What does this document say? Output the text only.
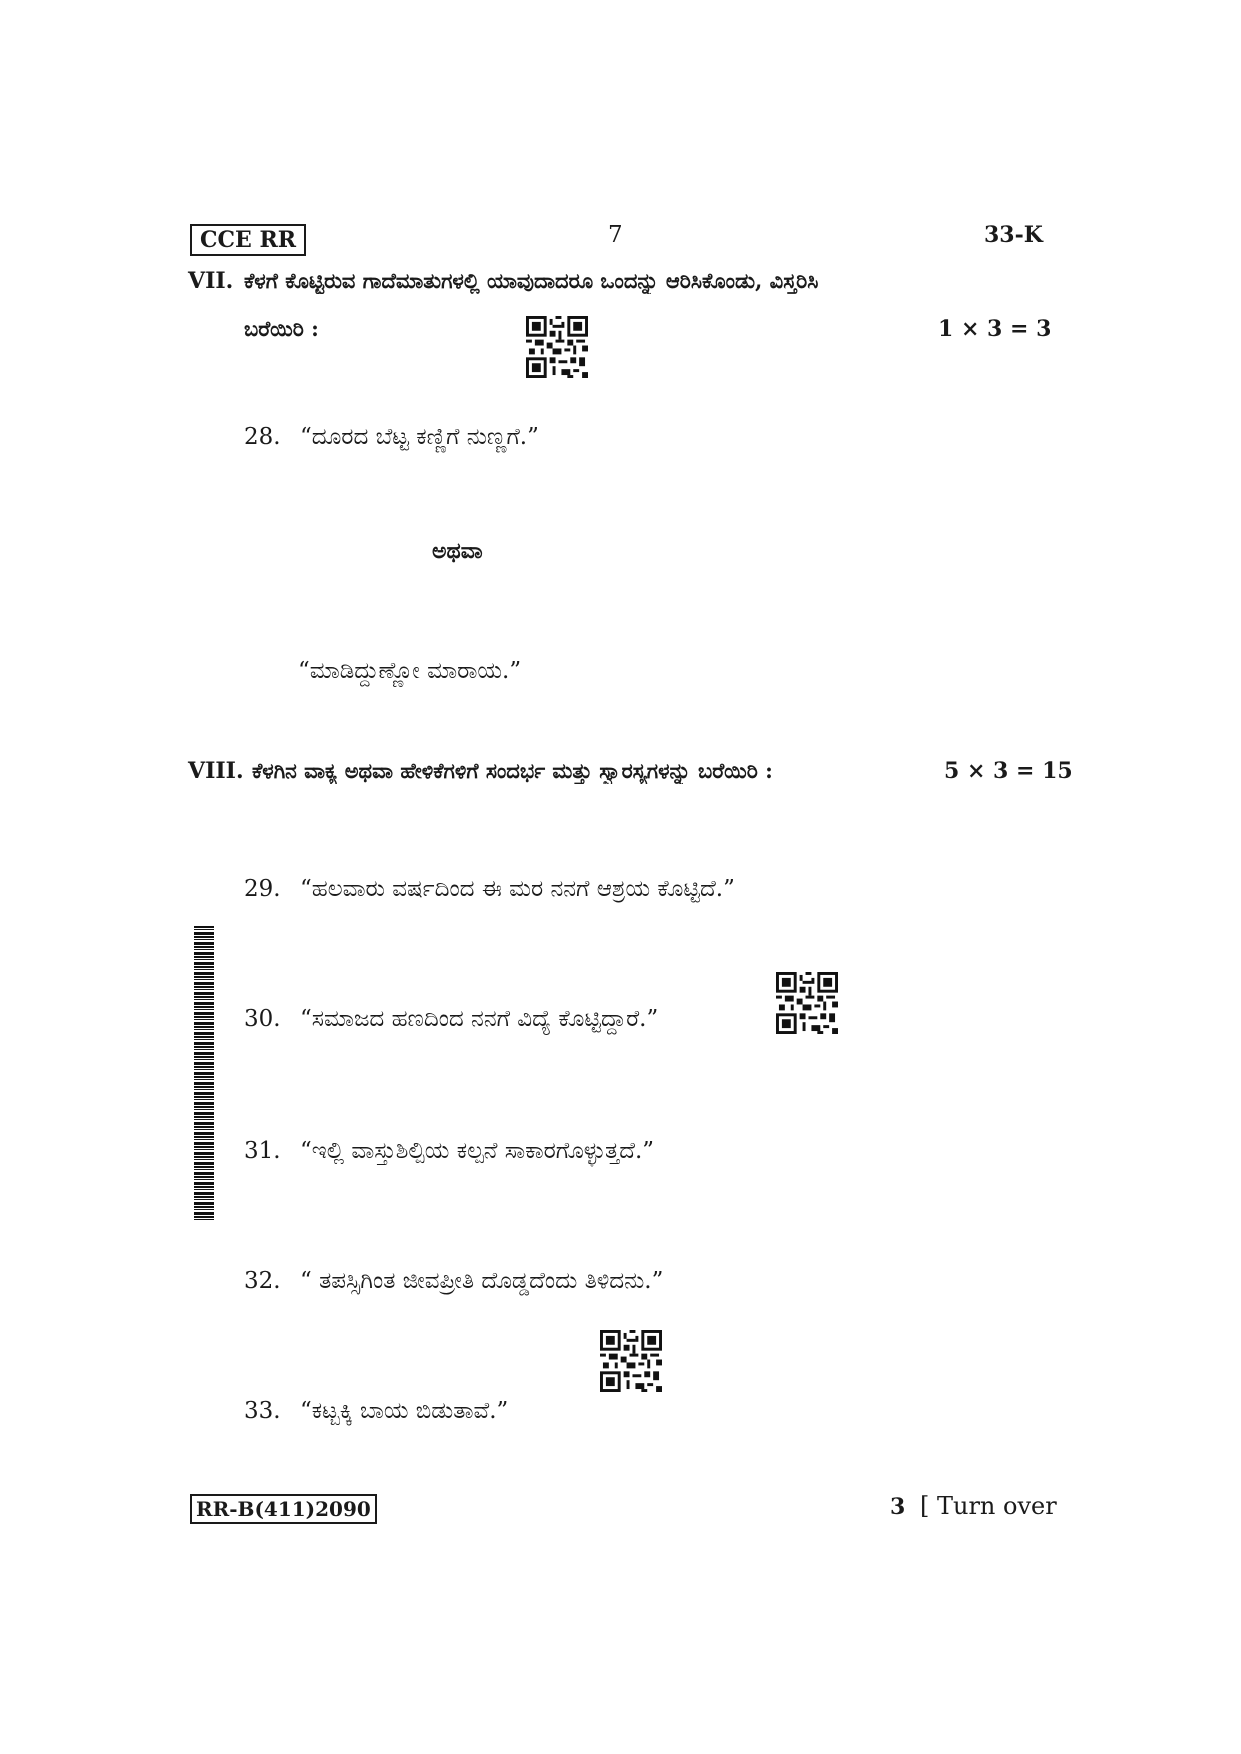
CCE RR	7	33-K
VII. ಕೆಳಗೆ ಕೊಟ್ಟಿರುವ ಗಾದೆಮಾತುಗಳಲ್ಲಿ ಯಾವುದಾದರೂ ಒಂದನ್ನು ಆರಿಸಿಕೊಂಡು, ವಿಸ್ತರಿಸಿ
ಬರೆಯಿರಿ :	1 × 3 = 3
28. “ದೂರದ ಬೆಟ್ಟ ಕಣ್ಣಿಗೆ ನುಣ್ಣಗೆ.”
ಅಥವಾ
“ಮಾಡಿದ್ದುಣ್ಣೋ ಮಾರಾಯ.”
VIII. ಕೆಳಗಿನ ವಾಕ್ಯ ಅಥವಾ ಹೇಳಿಕೆಗಳಿಗೆ ಸಂದರ್ಭ ಮತ್ತು ಸ್ವಾರಸ್ಯಗಳನ್ನು ಬರೆಯಿರಿ :	5 × 3 = 15
29. “ಹಲವಾರು ವರ್ಷದಿಂದ ಈ ಮರ ನನಗೆ ಆಶ್ರಯ ಕೊಟ್ಟಿದೆ.”
30. “ಸಮಾಜದ ಹಣದಿಂದ ನನಗೆ ವಿದ್ಯೆ ಕೊಟ್ಟಿದ್ದಾರೆ.”
31. “ಇಲ್ಲಿ ವಾಸ್ತುಶಿಲ್ಪಿಯ ಕಲ್ಪನೆ ಸಾಕಾರಗೊಳ್ಳುತ್ತದೆ.”
32. “ ತಪಸ್ಸಿಗಿಂತ ಜೀವಪ್ರೀತಿ ದೊಡ್ಡದೆಂದು ತಿಳಿದನು.”
33. “ಕಟ್ಬಕ್ಕಿ ಬಾಯ ಬಿಡುತಾವೆ.”
RR-B(411)2090	3 [ Turn over
